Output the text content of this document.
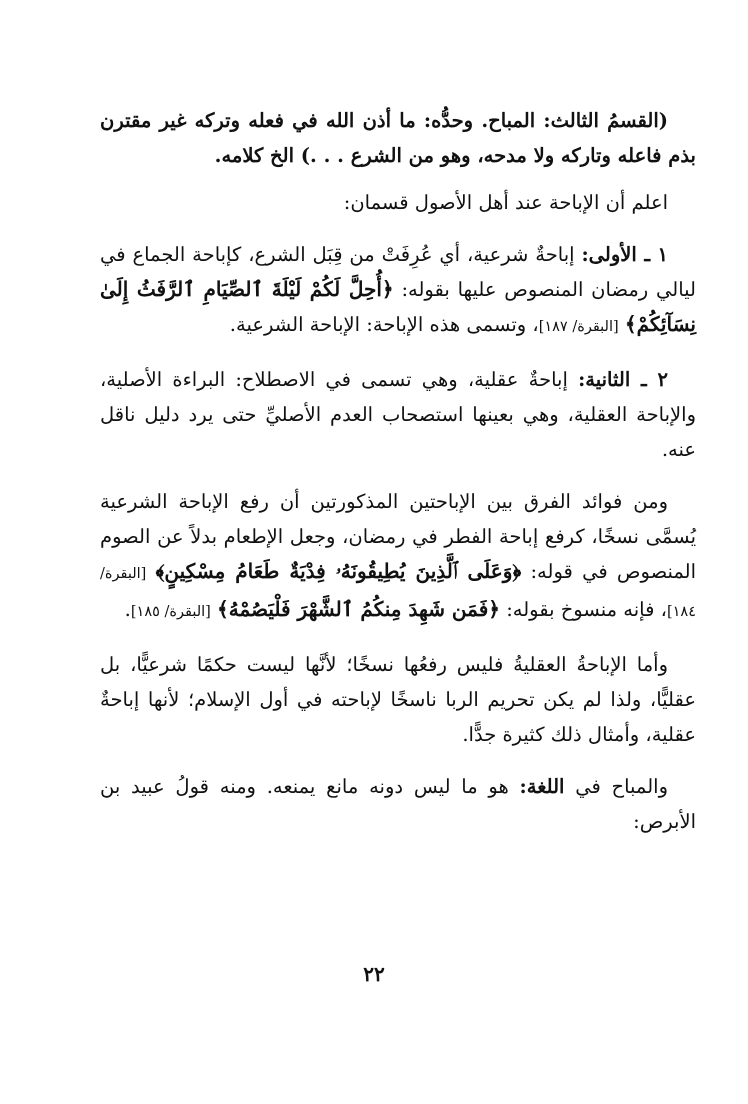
(القسمُ الثالث: المباح. وحدُّه: ما أذن الله في فعله وتركه غير مقترن بذم فاعله وتاركه ولا مدحه، وهو من الشرع . . .) الخ كلامه.

اعلم أن الإباحة عند أهل الأصول قسمان:

١ ـ الأولى: إباحةٌ شرعية، أي عُرِفَتْ من قِبَل الشرع، كإباحة الجماع في ليالي رمضان المنصوص عليها بقوله: ﴿أُحِلَّ لَكُمْ لَيْلَةَ ٱلصِّيَامِ ٱلرَّفَثُ إِلَىٰ نِسَآئِكُمْ﴾ [البقرة/ ١٨٧]، وتسمى هذه الإباحة: الإباحة الشرعية.

٢ ـ الثانية: إباحةٌ عقلية، وهي تسمى في الاصطلاح: البراءة الأصلية، والإباحة العقلية، وهي بعينها استصحاب العدم الأصليِّ حتى يرد دليل ناقل عنه.

ومن فوائد الفرق بين الإباحتين المذكورتين أن رفع الإباحة الشرعية يُسمَّى نسخًا، كرفع إباحة الفطر في رمضان، وجعل الإطعام بدلاً عن الصوم المنصوص في قوله: ﴿وَعَلَى ٱلَّذِينَ يُطِيقُونَهُۥ فِدْيَةٌ طَعَامُ مِسْكِينٍ﴾ [البقرة/ ١٨٤]، فإنه منسوخ بقوله: ﴿فَمَن شَهِدَ مِنكُمُ ٱلشَّهْرَ فَلْيَصُمْهُ﴾ [البقرة/ ١٨٥].

وأما الإباحةُ العقليةُ فليس رفعُها نسخًا؛ لأنَّها ليست حكمًا شرعيًّا، بل عقليًّا، ولذا لم يكن تحريم الربا ناسخًا لإباحته في أول الإسلام؛ لأنها إباحةٌ عقلية، وأمثال ذلك كثيرة جدًّا.

والمباح في اللغة: هو ما ليس دونه مانع يمنعه. ومنه قولُ عبيد بن الأبرص:

٢٢
